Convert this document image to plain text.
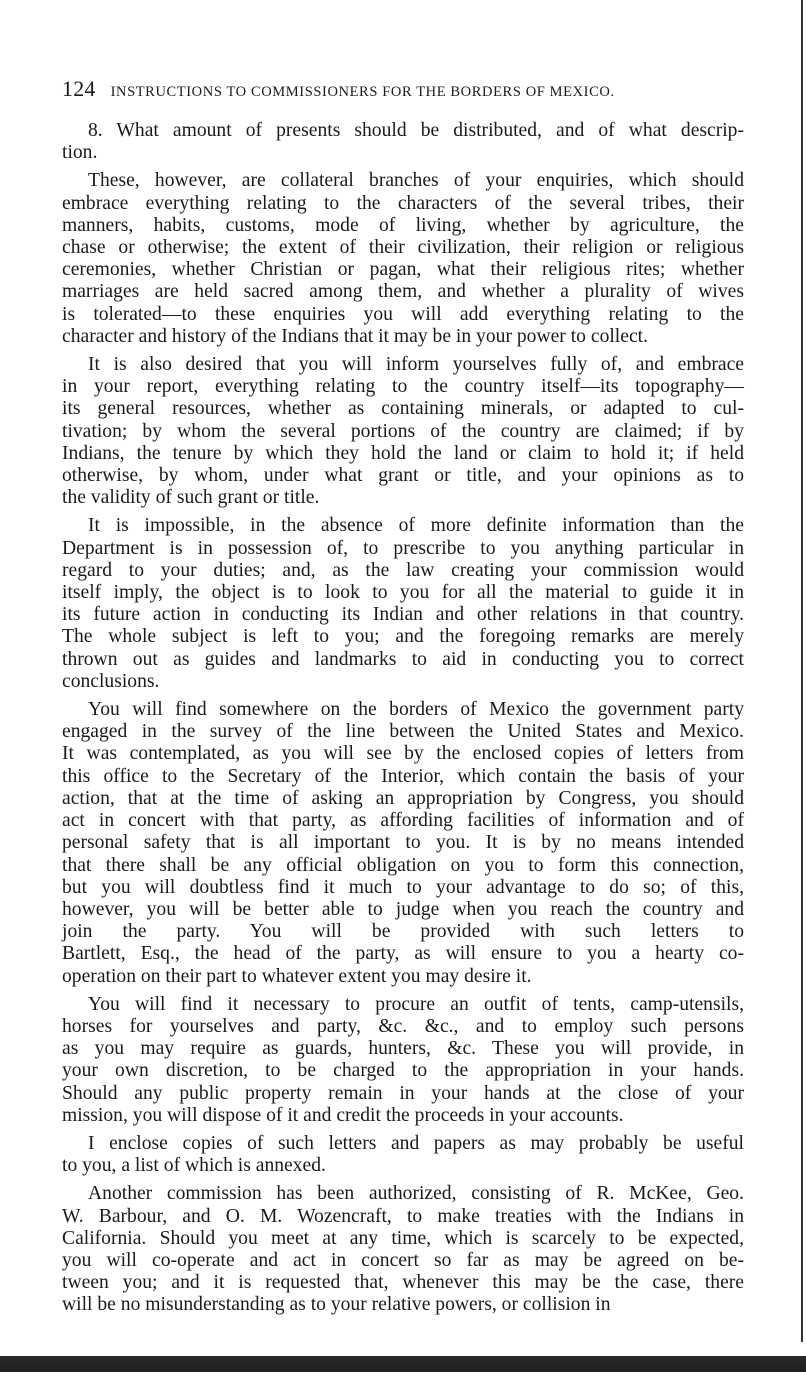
124 INSTRUCTIONS TO COMMISSIONERS FOR THE BORDERS OF MEXICO.
8. What amount of presents should be distributed, and of what descrip-
tion.
These, however, are collateral branches of your enquiries, which should
embrace everything relating to the characters of the several tribes, their
manners, habits, customs, mode of living, whether by agriculture, the
chase or otherwise; the extent of their civilization, their religion or religious
ceremonies, whether Christian or pagan, what their religious rites; whether
marriages are held sacred among them, and whether a plurality of wives
is tolerated—to these enquiries you will add everything relating to the
character and history of the Indians that it may be in your power to collect.
It is also desired that you will inform yourselves fully of, and embrace
in your report, everything relating to the country itself—its topography—
its general resources, whether as containing minerals, or adapted to cul-
tivation; by whom the several portions of the country are claimed; if by
Indians, the tenure by which they hold the land or claim to hold it; if held
otherwise, by whom, under what grant or title, and your opinions as to
the validity of such grant or title.
It is impossible, in the absence of more definite information than the
Department is in possession of, to prescribe to you anything particular in
regard to your duties; and, as the law creating your commission would
itself imply, the object is to look to you for all the material to guide it in
its future action in conducting its Indian and other relations in that country.
The whole subject is left to you; and the foregoing remarks are merely
thrown out as guides and landmarks to aid in conducting you to correct
conclusions.
You will find somewhere on the borders of Mexico the government party
engaged in the survey of the line between the United States and Mexico.
It was contemplated, as you will see by the enclosed copies of letters from
this office to the Secretary of the Interior, which contain the basis of your
action, that at the time of asking an appropriation by Congress, you should
act in concert with that party, as affording facilities of information and of
personal safety that is all important to you. It is by no means intended
that there shall be any official obligation on you to form this connection,
but you will doubtless find it much to your advantage to do so; of this,
however, you will be better able to judge when you reach the country and
join the party. You will be provided with such letters to
Bartlett, Esq., the head of the party, as will ensure to you a hearty co-
operation on their part to whatever extent you may desire it.
You will find it necessary to procure an outfit of tents, camp-utensils,
horses for yourselves and party, &c. &c., and to employ such persons
as you may require as guards, hunters, &c. These you will provide, in
your own discretion, to be charged to the appropriation in your hands.
Should any public property remain in your hands at the close of your
mission, you will dispose of it and credit the proceeds in your accounts.
I enclose copies of such letters and papers as may probably be useful
to you, a list of which is annexed.
Another commission has been authorized, consisting of R. McKee, Geo.
W. Barbour, and O. M. Wozencraft, to make treaties with the Indians in
California. Should you meet at any time, which is scarcely to be expected,
you will co-operate and act in concert so far as may be agreed on be-
tween you; and it is requested that, whenever this may be the case, there
will be no misunderstanding as to your relative powers, or collision in
